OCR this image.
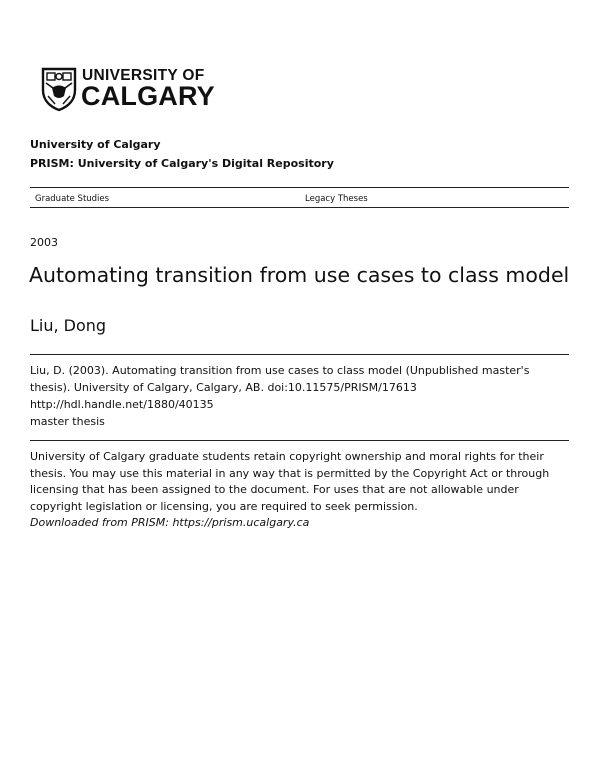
UNIVERSITY OF
CALGARY
University of Calgary
PRISM: University of Calgary's Digital Repository
Graduate Studies	Legacy Theses
2003
Automating transition from use cases to class model
Liu, Dong
Liu, D. (2003). Automating transition from use cases to class model (Unpublished master's
thesis). University of Calgary, Calgary, AB. doi:10.11575/PRISM/17613
http://hdl.handle.net/1880/40135
master thesis
University of Calgary graduate students retain copyright ownership and moral rights for their
thesis. You may use this material in any way that is permitted by the Copyright Act or through
licensing that has been assigned to the document. For uses that are not allowable under
copyright legislation or licensing, you are required to seek permission.
Downloaded from PRISM: https://prism.ucalgary.ca
